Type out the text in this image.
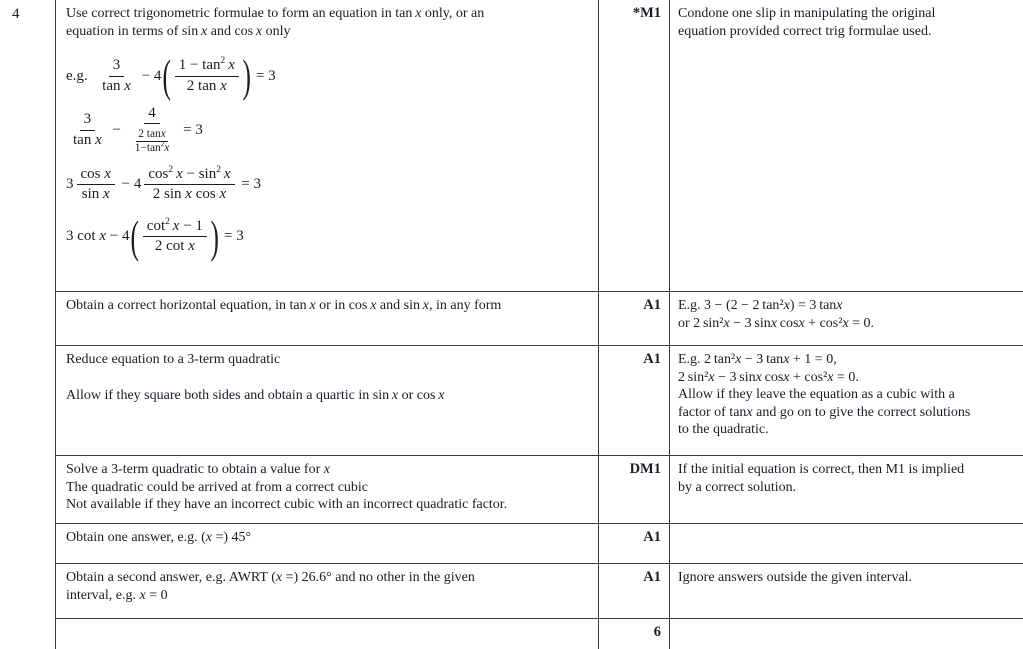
4	Use correct trigonometric formulae to form an equation in tan x only, or an
equation in terms of sin x and cos x only
e.g.  $\frac{3}{\text{tan x}} - 4$ ( $\frac{1 - \tan^2 x}{\text{2 tan x}}$ ) = 3
$\frac{3}{\text{tan x}} - \frac{4}{\frac{2 \tan x}{1-\tan^2x}} = 3$
$3 \frac{\text{cos x}}{\text{sin x}} - 4 \frac{\cos^2 x - \sin^2 x}{\text{2 sin x cos x}} = 3$
3 cot x − 4 ( $\frac{\cot^2 x - 1}{\text{2 cot x}}$ ) = 3
*M1	Condone one slip in manipulating the original
equation provided correct trig formulae used.
Obtain a correct horizontal equation, in tan x or in cos x and sin x, in any form	A1	E.g. 3 − (2 − 2 tan²x) = 3 tanx
or 2 sin²x − 3 sinx cosx + cos²x = 0.
Reduce equation to a 3-term quadratic
Allow if they square both sides and obtain a quartic in sin x or cos x
A1	E.g. 2 tan²x − 3 tanx + 1 = 0,
2 sin²x − 3 sinx cosx + cos²x = 0.
Allow if they leave the equation as a cubic with a
factor of tanx and go on to give the correct solutions
to the quadratic.
Solve a 3-term quadratic to obtain a value for x
The quadratic could be arrived at from a correct cubic
Not available if they have an incorrect cubic with an incorrect quadratic factor.
DM1	If the initial equation is correct, then M1 is implied
by a correct solution.
Obtain one answer, e.g. (x =) 45°	A1
Obtain a second answer, e.g. AWRT (x =) 26.6° and no other in the given
interval, e.g. x = 0
A1	Ignore answers outside the given interval.
6
